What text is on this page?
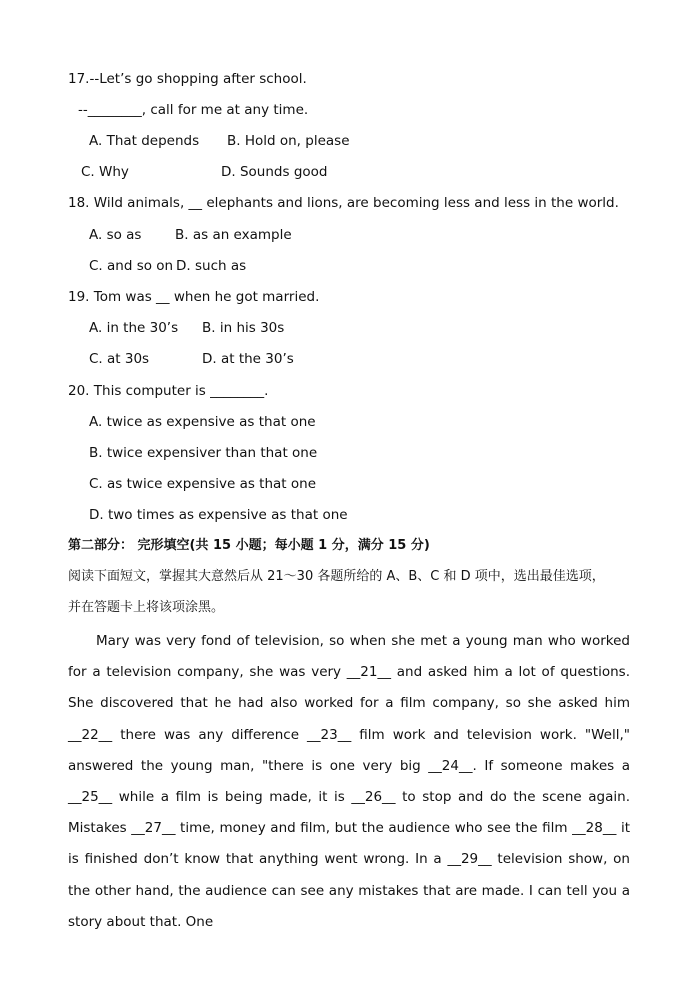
17.--Let’s go shopping after school.
--________, call for me at any time.
A. That depends B. Hold on, please
C. Why	D. Sounds good
18. Wild animals, __ elephants and lions, are becoming less and less in the world.
A. so as B. as an example
C. and so on D. such as
19. Tom was __ when he got married.
A. in the 30’s B. in his 30s
C. at 30s	D. at the 30’s
20. This computer is ________.
A. twice as expensive as that one
B. twice expensiver than that one
C. as twice expensive as that one
D. two times as expensive as that one
第二部分： 完形填空(共 15 小题；每小题 1 分，满分 15 分)
阅读下面短文，掌握其大意然后从 21～30 各题所给的 A、B、C 和 D 项中，选出最佳选项，
并在答题卡上将该项涂黑。
Mary was very fond of television, so when she met a young man who worked for a television company, she was very __21__ and asked him a lot of questions. She discovered that he had also worked for a film company, so she asked him __22__ there was any difference __23__ film work and television work. "Well," answered the young man, "there is one very big __24__. If someone makes a __25__ while a film is being made, it is __26__ to stop and do the scene again. Mistakes __27__ time, money and film, but the audience who see the film __28__ it is finished don’t know that anything went wrong. In a __29__ television show, on the other hand, the audience can see any mistakes that are made. I can tell you a story about that. One
